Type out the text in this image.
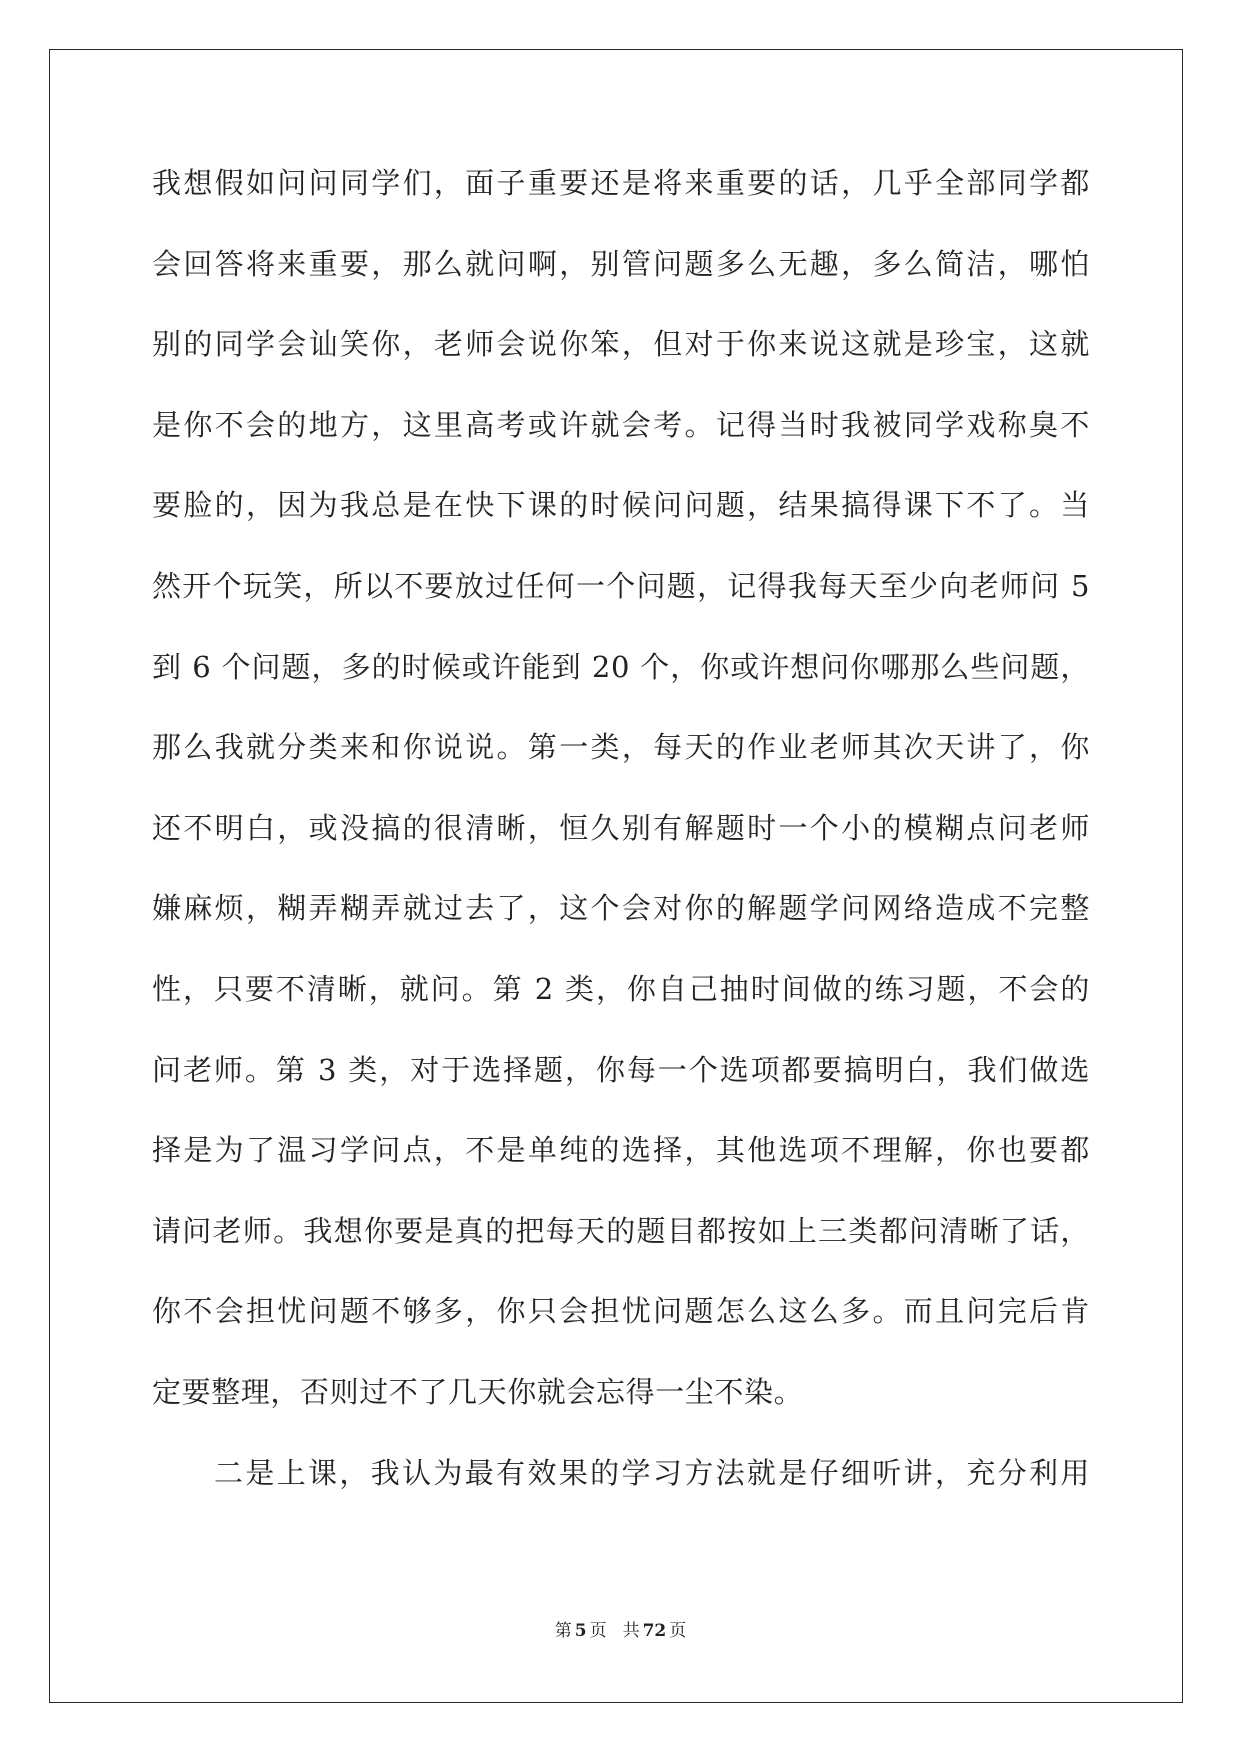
我想假如问问同学们，面子重要还是将来重要的话，几乎全部同学都
会回答将来重要，那么就问啊，别管问题多么无趣，多么简洁，哪怕
别的同学会讪笑你，老师会说你笨，但对于你来说这就是珍宝，这就
是你不会的地方，这里高考或许就会考。记得当时我被同学戏称臭不
要脸的，因为我总是在快下课的时候问问题，结果搞得课下不了。当
然开个玩笑，所以不要放过任何一个问题，记得我每天至少向老师问 5
到 6 个问题，多的时候或许能到 20 个，你或许想问你哪那么些问题，
那么我就分类来和你说说。第一类，每天的作业老师其次天讲了，你
还不明白，或没搞的很清晰，恒久别有解题时一个小的模糊点问老师
嫌麻烦，糊弄糊弄就过去了，这个会对你的解题学问网络造成不完整
性，只要不清晰，就问。第 2 类，你自己抽时间做的练习题，不会的
问老师。第 3 类，对于选择题，你每一个选项都要搞明白，我们做选
择是为了温习学问点，不是单纯的选择，其他选项不理解，你也要都
请问老师。我想你要是真的把每天的题目都按如上三类都问清晰了话，
你不会担忧问题不够多，你只会担忧问题怎么这么多。而且问完后肯
定要整理，否则过不了几天你就会忘得一尘不染。
二是上课，我认为最有效果的学习方法就是仔细听讲，充分利用
第 5 页 共 72 页
